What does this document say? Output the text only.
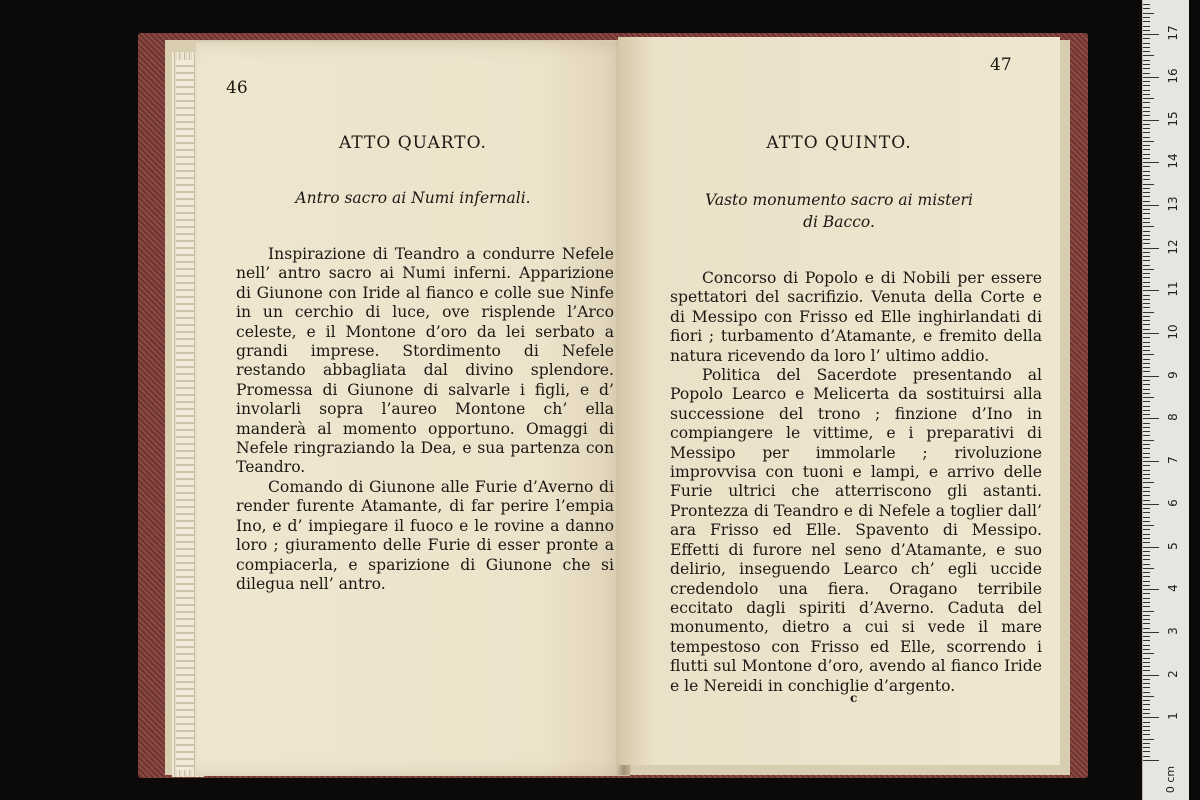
46
ATTO QUARTO.
Antro sacro ai Numi infernali.

Inspirazione di Teandro a condurre Nefele nell’ antro sacro ai Numi inferni. Apparizione di Giunone con Iride al fianco e colle sue Ninfe in un cerchio di luce, ove risplende l’Arco celeste, e il Montone d’oro da lei serbato a grandi imprese. Stordimento di Nefele restando abbagliata dal divino splendore. Promessa di Giunone di salvarle i figli, e d’ involarli sopra l’aureo Montone ch’ ella manderà al momento opportuno. Omaggi di Nefele ringraziando la Dea, e sua partenza con Teandro.

Comando di Giunone alle Furie d’Averno di render furente Atamante, di far perire l’empia Ino, e d’ impiegare il fuoco e le rovine a danno loro ; giuramento delle Furie di esser pronte a compiacerla, e sparizione di Giunone che si dilegua nell’ antro.

47
ATTO QUINTO.
Vasto monumento sacro ai misteri
di Bacco.

Concorso di Popolo e di Nobili per essere spettatori del sacrifizio. Venuta della Corte e di Messipo con Frisso ed Elle inghirlandati di fiori ; turbamento d’Atamante, e fremito della natura ricevendo da loro l’ ultimo addio.

Politica del Sacerdote presentando al Popolo Learco e Melicerta da sostituirsi alla successione del trono ; finzione d’Ino in compiangere le vittime, e i preparativi di Messipo per immolarle ; rivoluzione improvvisa con tuoni e lampi, e arrivo delle Furie ultrici che atterriscono gli astanti. Prontezza di Teandro e di Nefele a toglier dall’ ara Frisso ed Elle. Spavento di Messipo. Effetti di furore nel seno d’Atamante, e suo delirio, inseguendo Learco ch’ egli uccide credendolo una fiera. Oragano terribile eccitato dagli spiriti d’Averno. Caduta del monumento, dietro a cui si vede il mare tempestoso con Frisso ed Elle, scorrendo i flutti sul Montone d’oro, avendo al fianco Iride e le Nereidi in conchiglie d’argento.

c
0 cm
1
2
3
4
5
6
7
8
9
10
11
12
13
14
15
16
17
